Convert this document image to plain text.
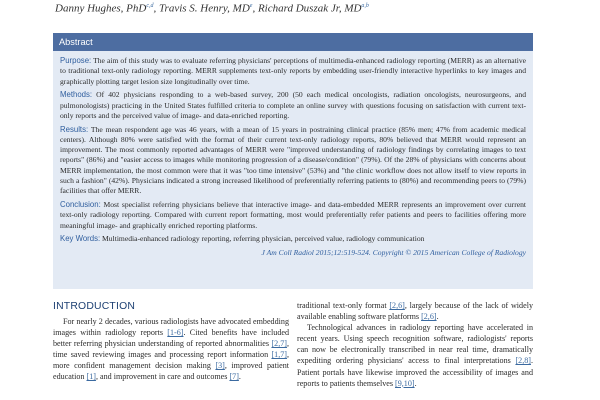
Danny Hughes, PhD$^{c,d}$, Travis S. Henry, MDe, Richard Duszak Jr, MD$^{a,b}$
Abstract

Purpose: The aim of this study was to evaluate referring physicians' perceptions of multimedia-enhanced radiology reporting (MERR) as an alternative to traditional text-only radiology reporting. MERR supplements text-only reports by embedding user-friendly interactive hyperlinks to key images and graphically plotting target lesion size longitudinally over time.

Methods: Of 402 physicians responding to a web-based survey, 200 (50 each medical oncologists, radiation oncologists, neurosurgeons, and pulmonologists) practicing in the United States fulfilled criteria to complete an online survey with questions focusing on satisfaction with current text-only reports and the perceived value of image- and data-enriched reporting.

Results: The mean respondent age was 46 years, with a mean of 15 years in postraining clinical practice (85% men; 47% from academic medical centers). Although 80% were satisfied with the format of their current text-only radiology reports, 80% believed that MERR would represent an improvement. The most commonly reported advantages of MERR were "improved understanding of radiology findings by correlating images to text reports" (86%) and "easier access to images while monitoring progression of a disease/condition" (79%). Of the 28% of physicians with concerns about MERR implementation, the most common were that it was "too time intensive" (53%) and "the clinic workflow does not allow itself to view reports in such a fashion" (42%). Physicians indicated a strong increased likelihood of preferentially referring patients to (80%) and recommending peers to (79%) facilities that offer MERR.

Conclusion: Most specialist referring physicians believe that interactive image- and data-embedded MERR represents an improvement over current text-only radiology reporting. Compared with current report formatting, most would preferentially refer patients and peers to facilities offering more meaningful image- and graphically enriched reporting platforms.

Key Words: Multimedia-enhanced radiology reporting, referring physician, perceived value, radiology communication

J Am Coll Radiol 2015;12:519-524. Copyright © 2015 American College of Radiology
INTRODUCTION

For nearly 2 decades, various radiologists have advocated embedding images within radiology reports [1-6]. Cited benefits have included better referring physician understanding of reported abnormalities [2,7], time saved reviewing images and processing report information [1,7], more confident management decision making [3], improved patient education [1], and improvement in care and outcomes [7].

traditional text-only format [2,6], largely because of the lack of widely available enabling software platforms [2,6].

Technological advances in radiology reporting have accelerated in recent years. Using speech recognition software, radiologists' reports can now be electronically transcribed in near real time, dramatically expediting ordering physicians' access to final interpretations [2,8]. Patient portals have likewise improved the accessibility of images and reports to patients themselves [9,10].
